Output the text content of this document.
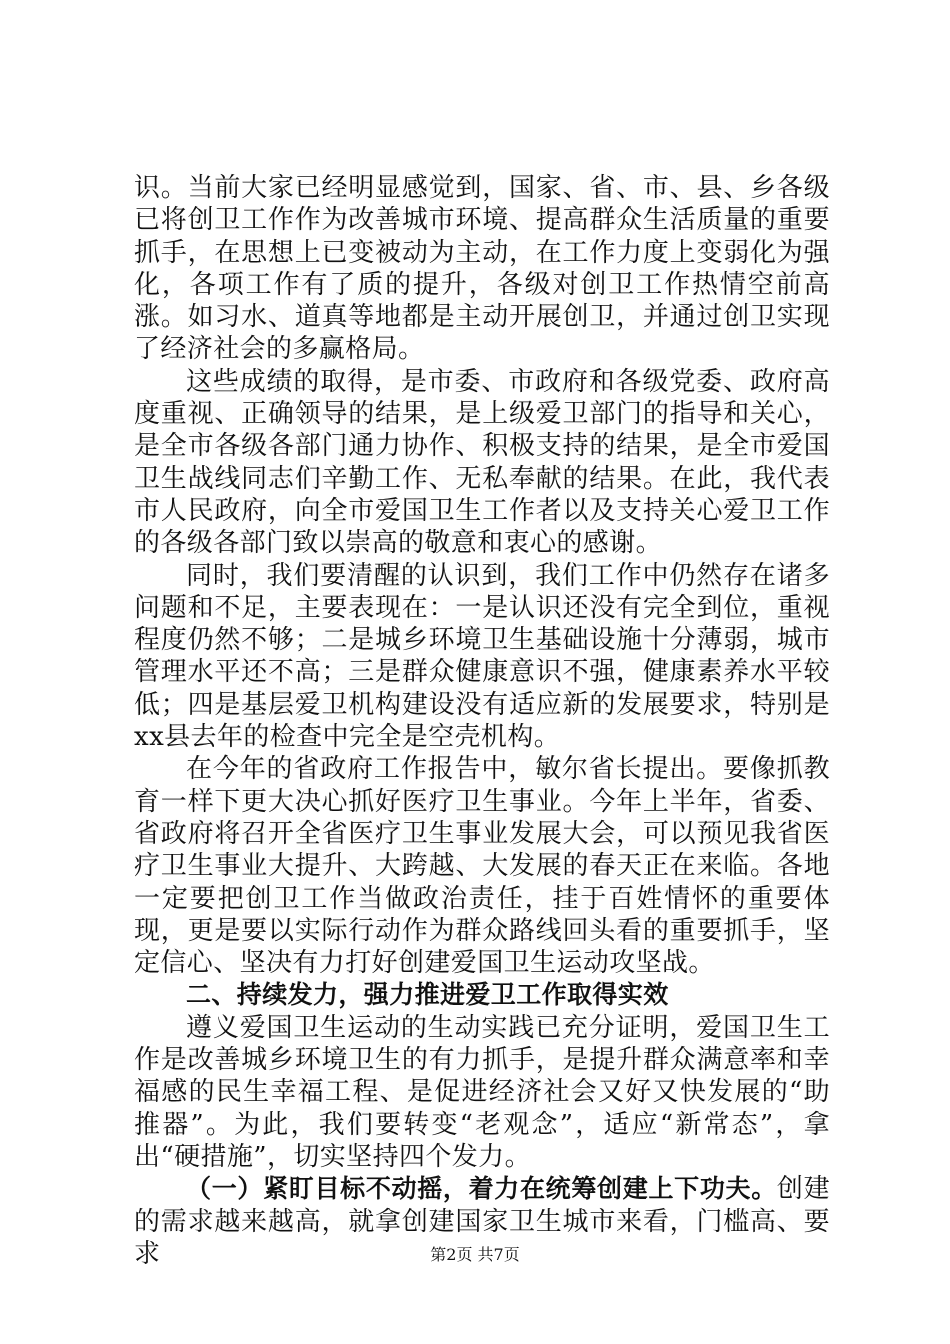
识。当前大家已经明显感觉到，国家、省、市、县、乡各级已将创卫工作作为改善城市环境、提高群众生活质量的重要抓手，在思想上已变被动为主动，在工作力度上变弱化为强化，各项工作有了质的提升，各级对创卫工作热情空前高涨。如习水、道真等地都是主动开展创卫，并通过创卫实现了经济社会的多赢格局。

这些成绩的取得，是市委、市政府和各级党委、政府高度重视、正确领导的结果，是上级爱卫部门的指导和关心，是全市各级各部门通力协作、积极支持的结果，是全市爱国卫生战线同志们辛勤工作、无私奉献的结果。在此，我代表市人民政府，向全市爱国卫生工作者以及支持关心爱卫工作的各级各部门致以崇高的敬意和衷心的感谢。

同时，我们要清醒的认识到，我们工作中仍然存在诸多问题和不足，主要表现在：一是认识还没有完全到位，重视程度仍然不够；二是城乡环境卫生基础设施十分薄弱，城市管理水平还不高；三是群众健康意识不强，健康素养水平较低；四是基层爱卫机构建设没有适应新的发展要求，特别是xx县去年的检查中完全是空壳机构。

在今年的省政府工作报告中，敏尔省长提出。要像抓教育一样下更大决心抓好医疗卫生事业。今年上半年，省委、省政府将召开全省医疗卫生事业发展大会，可以预见我省医疗卫生事业大提升、大跨越、大发展的春天正在来临。各地一定要把创卫工作当做政治责任，挂于百姓情怀的重要体现，更是要以实际行动作为群众路线回头看的重要抓手，坚定信心、坚决有力打好创建爱国卫生运动攻坚战。

二、持续发力，强力推进爱卫工作取得实效

遵义爱国卫生运动的生动实践已充分证明，爱国卫生工作是改善城乡环境卫生的有力抓手，是提升群众满意率和幸福感的民生幸福工程、是促进经济社会又好又快发展的“助推器”。为此，我们要转变“老观念”，适应“新常态”，拿出“硬措施”，切实坚持四个发力。

（一）紧盯目标不动摇，着力在统筹创建上下功夫。创建的需求越来越高，就拿创建国家卫生城市来看，门槛高、要求	第2页 共7页
